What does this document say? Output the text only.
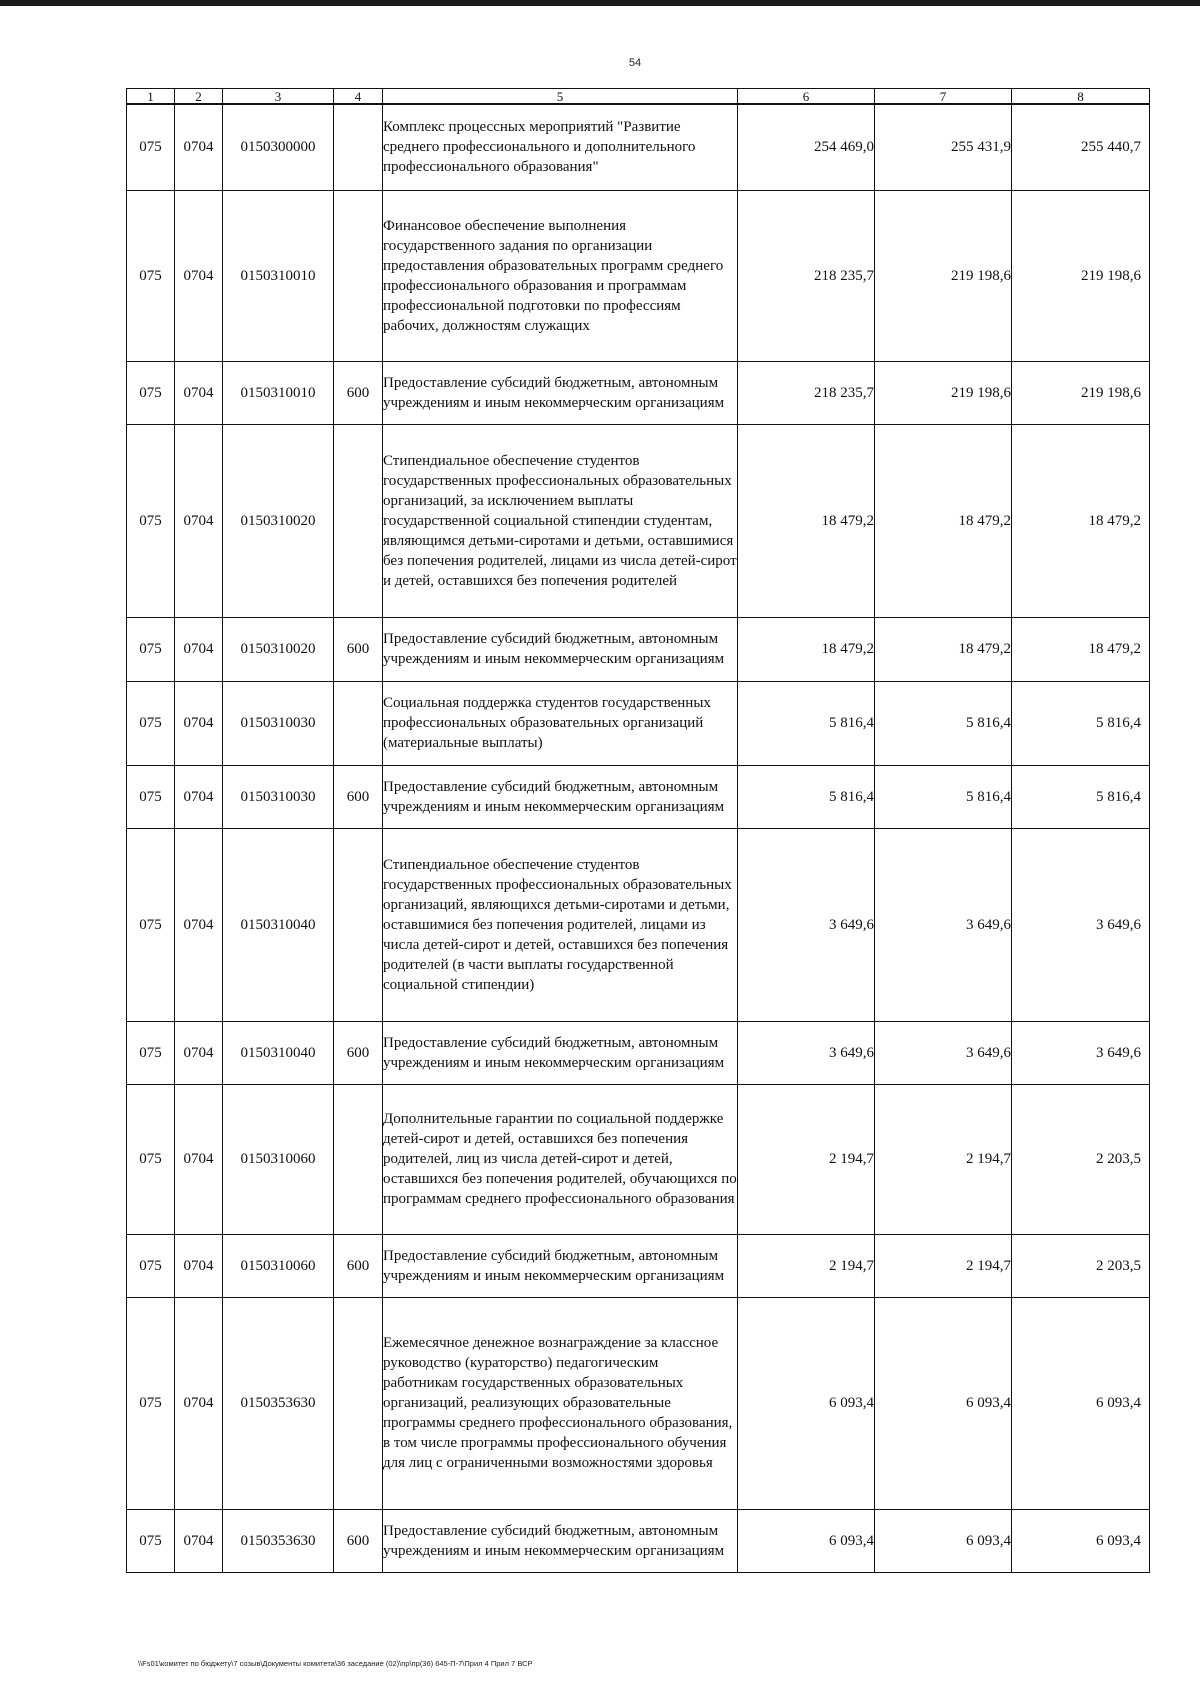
54
1	2	3	4	5	6	7	8
075	0704	0150300000		Комплекс процессных мероприятий "Развитие среднего профессионального и дополнительного профессионального образования"	254 469,0	255 431,9	255 440,7
075	0704	0150310010		Финансовое обеспечение выполнения государственного задания по организации предоставления образовательных программ среднего профессионального образования и программам профессиональной подготовки по профессиям рабочих, должностям служащих	218 235,7	219 198,6	219 198,6
075	0704	0150310010	600	Предоставление субсидий бюджетным, автономным учреждениям и иным некоммерческим организациям	218 235,7	219 198,6	219 198,6
075	0704	0150310020		Стипендиальное обеспечение студентов государственных профессиональных образовательных организаций, за исключением выплаты государственной социальной стипендии студентам, являющимся детьми-сиротами и детьми, оставшимися без попечения родителей, лицами из числа детей-сирот и детей, оставшихся без попечения родителей	18 479,2	18 479,2	18 479,2
075	0704	0150310020	600	Предоставление субсидий бюджетным, автономным учреждениям и иным некоммерческим организациям	18 479,2	18 479,2	18 479,2
075	0704	0150310030		Социальная поддержка студентов государственных профессиональных образовательных организаций (материальные выплаты)	5 816,4	5 816,4	5 816,4
075	0704	0150310030	600	Предоставление субсидий бюджетным, автономным учреждениям и иным некоммерческим организациям	5 816,4	5 816,4	5 816,4
075	0704	0150310040		Стипендиальное обеспечение студентов государственных профессиональных образовательных организаций, являющихся детьми-сиротами и детьми, оставшимися без попечения родителей, лицами из числа детей-сирот и детей, оставшихся без попечения родителей (в части выплаты государственной социальной стипендии)	3 649,6	3 649,6	3 649,6
075	0704	0150310040	600	Предоставление субсидий бюджетным, автономным учреждениям и иным некоммерческим организациям	3 649,6	3 649,6	3 649,6
075	0704	0150310060		Дополнительные гарантии по социальной поддержке детей-сирот и детей, оставшихся без попечения родителей, лиц из числа детей-сирот и детей, оставшихся без попечения родителей, обучающихся по программам среднего профессионального образования	2 194,7	2 194,7	2 203,5
075	0704	0150310060	600	Предоставление субсидий бюджетным, автономным учреждениям и иным некоммерческим организациям	2 194,7	2 194,7	2 203,5
075	0704	0150353630		Ежемесячное денежное вознаграждение за классное руководство (кураторство) педагогическим работникам государственных образовательных организаций, реализующих образовательные программы среднего профессионального образования, в том числе программы профессионального обучения для лиц с ограниченными возможностями здоровья	6 093,4	6 093,4	6 093,4
075	0704	0150353630	600	Предоставление субсидий бюджетным, автономным учреждениям и иным некоммерческим организациям	6 093,4	6 093,4	6 093,4
\\Fs01\комитет по бюджету\7 созыв\Документы комитета\36 заседание (02)\пр\пр(36) 645-П-7\Прил 4 Прил 7 ВСР
